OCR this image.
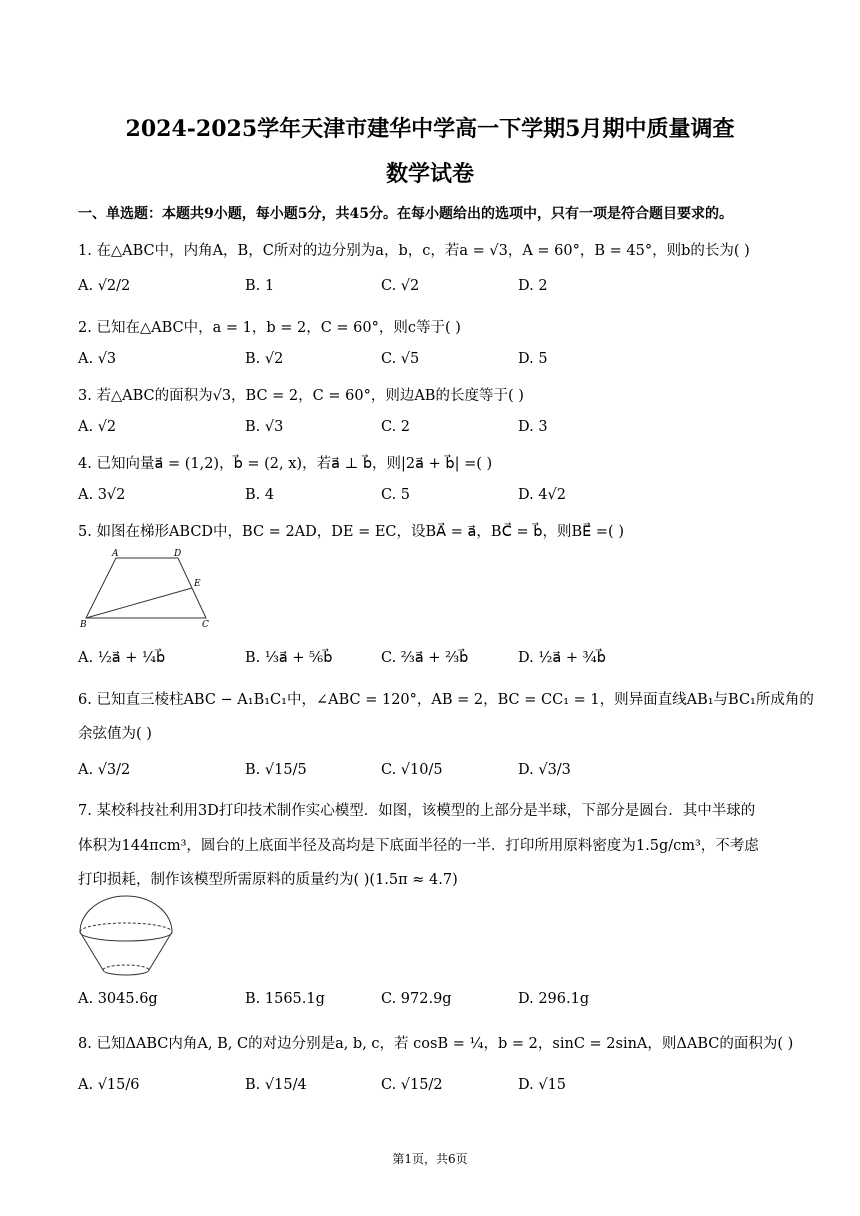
2024-2025学年天津市建华中学高一下学期5月期中质量调查
数学试卷
一、单选题：本题共9小题，每小题5分，共45分。在每小题给出的选项中，只有一项是符合题目要求的。
1. 在△ABC中，内角A，B，C所对的边分别为a，b，c，若a = √3，A = 60°，B = 45°，则b的长为( )
A. √2/2	B. 1	C. √2	D. 2
2. 已知在△ABC中，a = 1，b = 2，C = 60°，则c等于( )
A. √3	B. √2	C. √5	D. 5
3. 若△ABC的面积为√3，BC = 2，C = 60°，则边AB的长度等于( )
A. √2	B. √3	C. 2	D. 3
4. 已知向量a⃗ = (1,2)，b⃗ = (2, x)，若a⃗ ⊥ b⃗，则|2a⃗ + b⃗| =( )
A. 3√2	B. 4	C. 5	D. 4√2
5. 如图在梯形ABCD中，BC = 2AD，DE = EC，设BA⃗ = a⃗，BC⃗ = b⃗，则BE⃗ =( )
A	D
E
B	C
A. ½a⃗ + ¼b⃗	B. ⅓a⃗ + ⅚b⃗	C. ⅔a⃗ + ⅔b⃗	D. ½a⃗ + ¾b⃗
6. 已知直三棱柱ABC − A₁B₁C₁中，∠ABC = 120°，AB = 2，BC = CC₁ = 1，则异面直线AB₁与BC₁所成角的
余弦值为( )
A. √3/2	B. √15/5	C. √10/5	D. √3/3
7. 某校科技社利用3D打印技术制作实心模型．如图，该模型的上部分是半球，下部分是圆台．其中半球的
体积为144πcm³，圆台的上底面半径及高均是下底面半径的一半．打印所用原料密度为1.5g/cm³，不考虑
打印损耗，制作该模型所需原料的质量约为( )(1.5π ≈ 4.7)
A. 3045.6g	B. 1565.1g	C. 972.9g	D. 296.1g
8. 已知ΔABC内角A, B, C的对边分别是a, b, c，若 cosB = ¼，b = 2，sinC = 2sinA，则ΔABC的面积为( )
A. √15/6	B. √15/4	C. √15/2	D. √15
第1页，共6页
